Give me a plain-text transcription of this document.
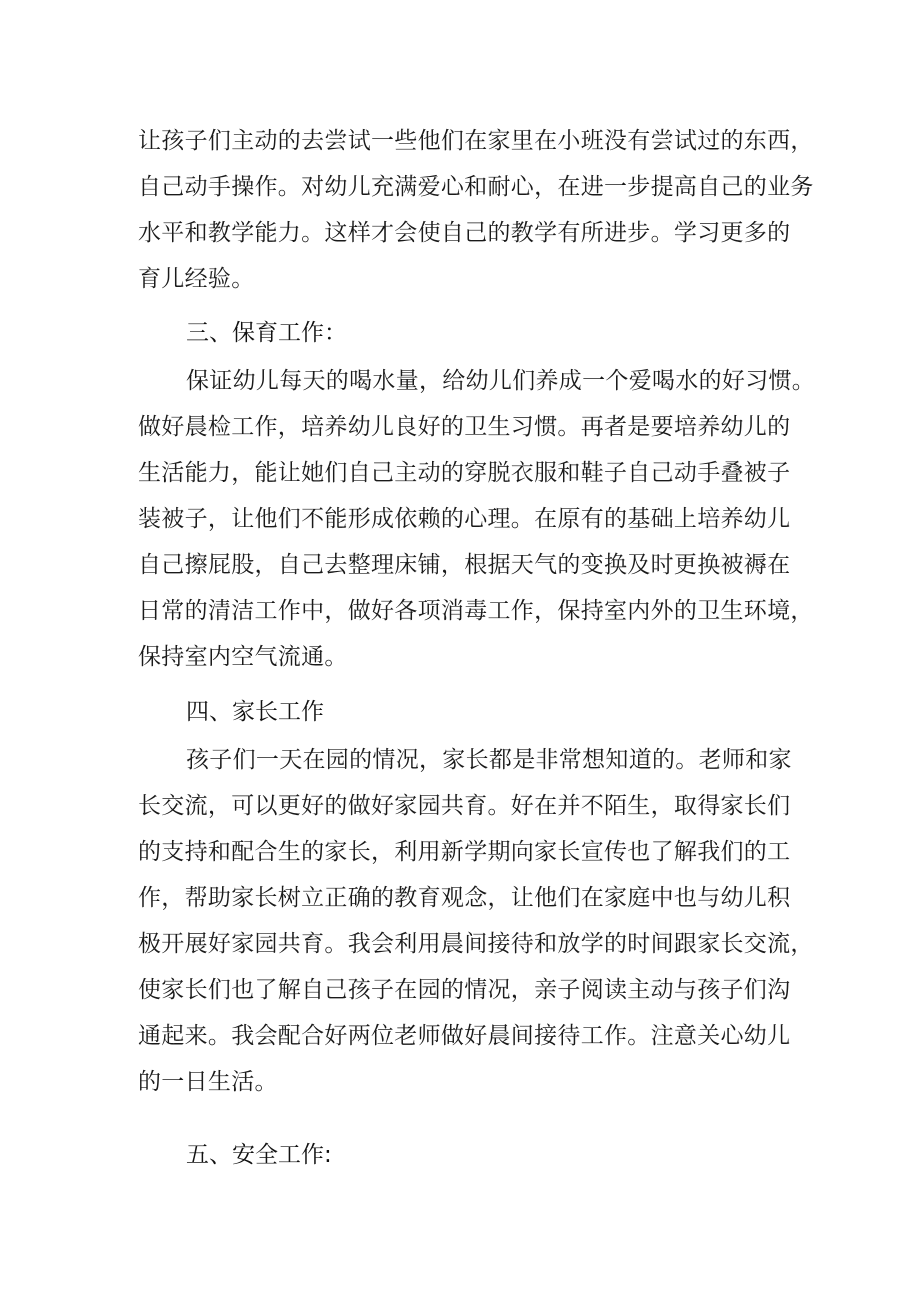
让孩子们主动的去尝试一些他们在家里在小班没有尝试过的东西，
自己动手操作。对幼儿充满爱心和耐心，在进一步提高自己的业务
水平和教学能力。这样才会使自己的教学有所进步。学习更多的
育儿经验。
三、保育工作：
保证幼儿每天的喝水量，给幼儿们养成一个爱喝水的好习惯。
做好晨检工作，培养幼儿良好的卫生习惯。再者是要培养幼儿的
生活能力，能让她们自己主动的穿脱衣服和鞋子自己动手叠被子
装被子，让他们不能形成依赖的心理。在原有的基础上培养幼儿
自己擦屁股，自己去整理床铺，根据天气的变换及时更换被褥在
日常的清洁工作中，做好各项消毒工作，保持室内外的卫生环境，
保持室内空气流通。
四、家长工作
孩子们一天在园的情况，家长都是非常想知道的。老师和家
长交流，可以更好的做好家园共育。好在并不陌生，取得家长们
的支持和配合生的家长，利用新学期向家长宣传也了解我们的工
作，帮助家长树立正确的教育观念，让他们在家庭中也与幼儿积
极开展好家园共育。我会利用晨间接待和放学的时间跟家长交流，
使家长们也了解自己孩子在园的情况，亲子阅读主动与孩子们沟
通起来。我会配合好两位老师做好晨间接待工作。注意关心幼儿
的一日生活。
五、安全工作:
